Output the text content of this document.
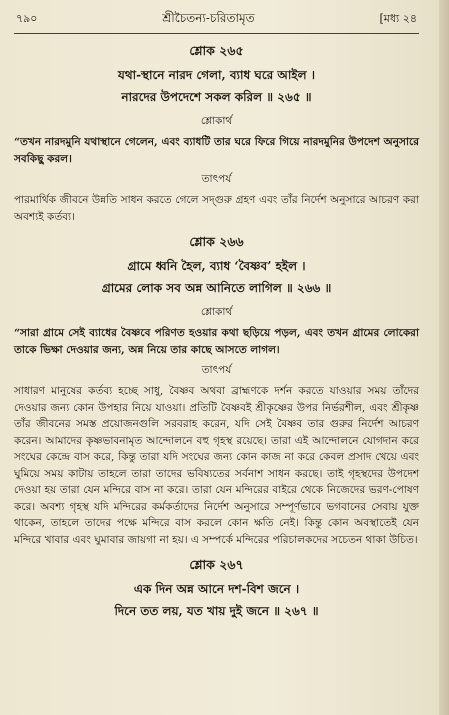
৭৯০	শ্রীচৈতন্য-চরিতামৃত	[মধ্য ২৪
শ্লোক ২৬৫
যথা-স্থানে নারদ গেলা, ব্যাধ ঘরে আইল ।
নারদের উপদেশে সকল করিল ॥ ২৬৫ ॥
শ্লোকার্থ

“তখন নারদমুনি যথাস্থানে গেলেন, এবং ব্যাধটি তার ঘরে ফিরে গিয়ে নারদমুনির উপদেশ অনুসারে সবকিছু করল।

তাৎপর্য

পারমার্থিক জীবনে উন্নতি সাধন করতে গেলে সদ্‌গুরু গ্রহণ এবং তাঁর নির্দেশ অনুসারে আচরণ করা অবশ্যই কর্তব্য।

শ্লোক ২৬৬
গ্রামে ধ্বনি হৈল, ব্যাধ ‘বৈষ্ণব’ হইল ।
গ্রামের লোক সব অন্ন আনিতে লাগিল ॥ ২৬৬ ॥
শ্লোকার্থ

“সারা গ্রামে সেই ব্যাধের বৈষ্ণবে পরিণত হওয়ার কথা ছড়িয়ে পড়ল, এবং তখন গ্রামের লোকেরা তাকে ভিক্ষা দেওয়ার জন্য, অন্ন নিয়ে তার কাছে আসতে লাগল।

তাৎপর্য

সাধারণ মানুষের কর্তব্য হচ্ছে সাধু, বৈষ্ণব অথবা ব্রাহ্মণকে দর্শন করতে যাওয়ার সময় তাঁদের দেওয়ার জন্য কোন উপহার নিয়ে যাওয়া। প্রতিটি বৈষ্ণবই শ্রীকৃষ্ণের উপর নির্ভরশীল, এবং শ্রীকৃষ্ণ তাঁর জীবনের সমস্ত প্রয়োজনগুলি সরবরাহ করেন, যদি সেই বৈষ্ণব তার গুরুর নির্দেশ আচরণ করেন। আমাদের কৃষ্ণভাবনামৃত আন্দোলনে বহু গৃহস্থ রয়েছে। তারা এই আন্দোলনে যোগদান করে সংঘের কেন্দ্রে বাস করে, কিন্তু তারা যদি সংঘের জন্য কোন কাজ না করে কেবল প্রসাদ খেয়ে এবং ঘুমিয়ে সময় কাটায় তাহলে তারা তাদের ভবিষ্যতের সর্বনাশ সাধন করছে। তাই গৃহস্থদের উপদেশ দেওয়া হয় তারা যেন মন্দিরে বাস না করে। তারা যেন মন্দিরের বাইরে থেকে নিজেদের ভরণ-পোষণ করে। অবশ্য গৃহস্থ যদি মন্দিরের কর্মকর্তাদের নির্দেশ অনুসারে সম্পূর্ণভাবে ভগবানের সেবায় যুক্ত থাকেন, তাহলে তাদের পক্ষে মন্দিরে বাস করলে কোন ক্ষতি নেই। কিন্তু কোন অবস্থাতেই যেন মন্দিরে খাবার এবং ঘুমাবার জায়গা না হয়। এ সম্পর্কে মন্দিরের পরিচালকদের সচেতন থাকা উচিত।

শ্লোক ২৬৭
এক দিন অন্ন আনে দশ-বিশ জনে ।
দিনে তত লয়, যত খায় দুই জনে ॥ ২৬৭ ॥
